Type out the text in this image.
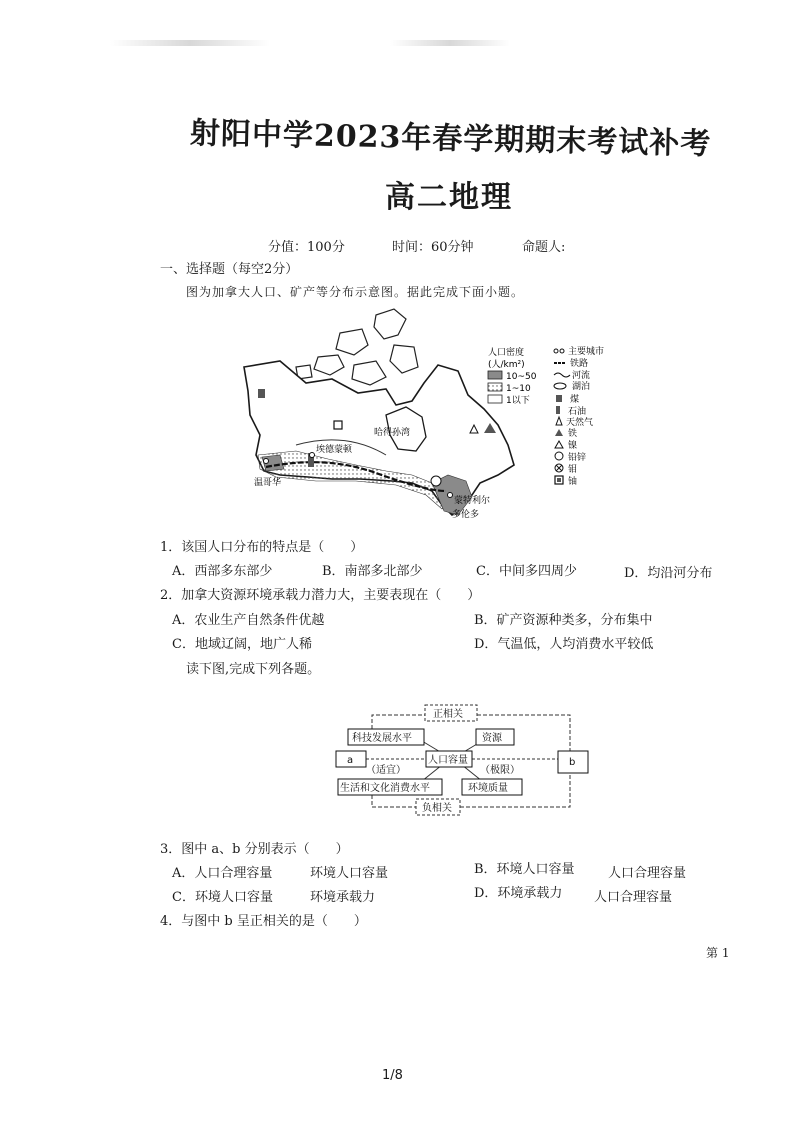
射阳中学2023年春学期期末考试补考
高二地理
分值：100分	时间：60分钟	命题人:
一、选择题（每空2分）
图为加拿大人口、矿产等分布示意图。据此完成下面小题。
埃德蒙顿
哈得孙湾
温哥华
蒙特利尔
多伦多
人口密度
(人/km²)
10~50
1~10
1以下
主要城市
铁路
河流
湖泊
煤
石油
天然气
铁
镍
铅锌
钼
铀
1．该国人口分布的特点是（　　）
A．西部多东部少	B．南部多北部少	C．中间多四周少	D．均沿河分布
2．加拿大资源环境承载力潜力大，主要表现在（　　）
A．农业生产自然条件优越	B．矿产资源种类多，分布集中
C．地域辽阔，地广人稀	D．气温低，人均消费水平较低
读下图,完成下列各题。
正相关
科技发展水平	资源
a	人口容量	b
（适宜）	（极限）
生活和文化消费水平	环境质量
负相关
3．图中 a、b 分别表示（　　）
A．人口合理容量	环境人口容量	B．环境人口容量	人口合理容量
C．环境人口容量	环境承载力	D．环境承载力 人口合理容量
4．与图中 b 呈正相关的是（　　）
第 1
1/8
